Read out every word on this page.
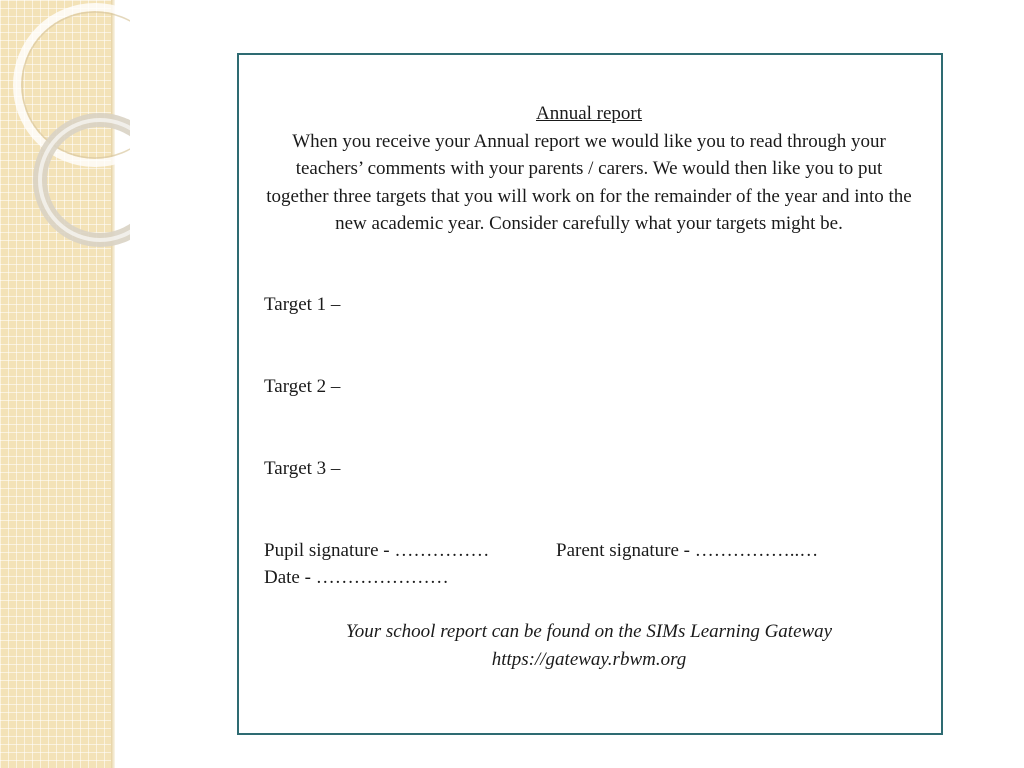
Annual report

When you receive your Annual report we would like you to read through your teachers’ comments with your parents / carers. We would then like you to put together three targets that you will work on for the remainder of the year and into the new academic year. Consider carefully what your targets might be.

Target 1 –

Target 2 –

Target 3 –

Pupil signature - ……………	Parent signature - ……………..…
Date - …………………
Your school report can be found on the SIMs Learning Gateway
https://gateway.rbwm.org
